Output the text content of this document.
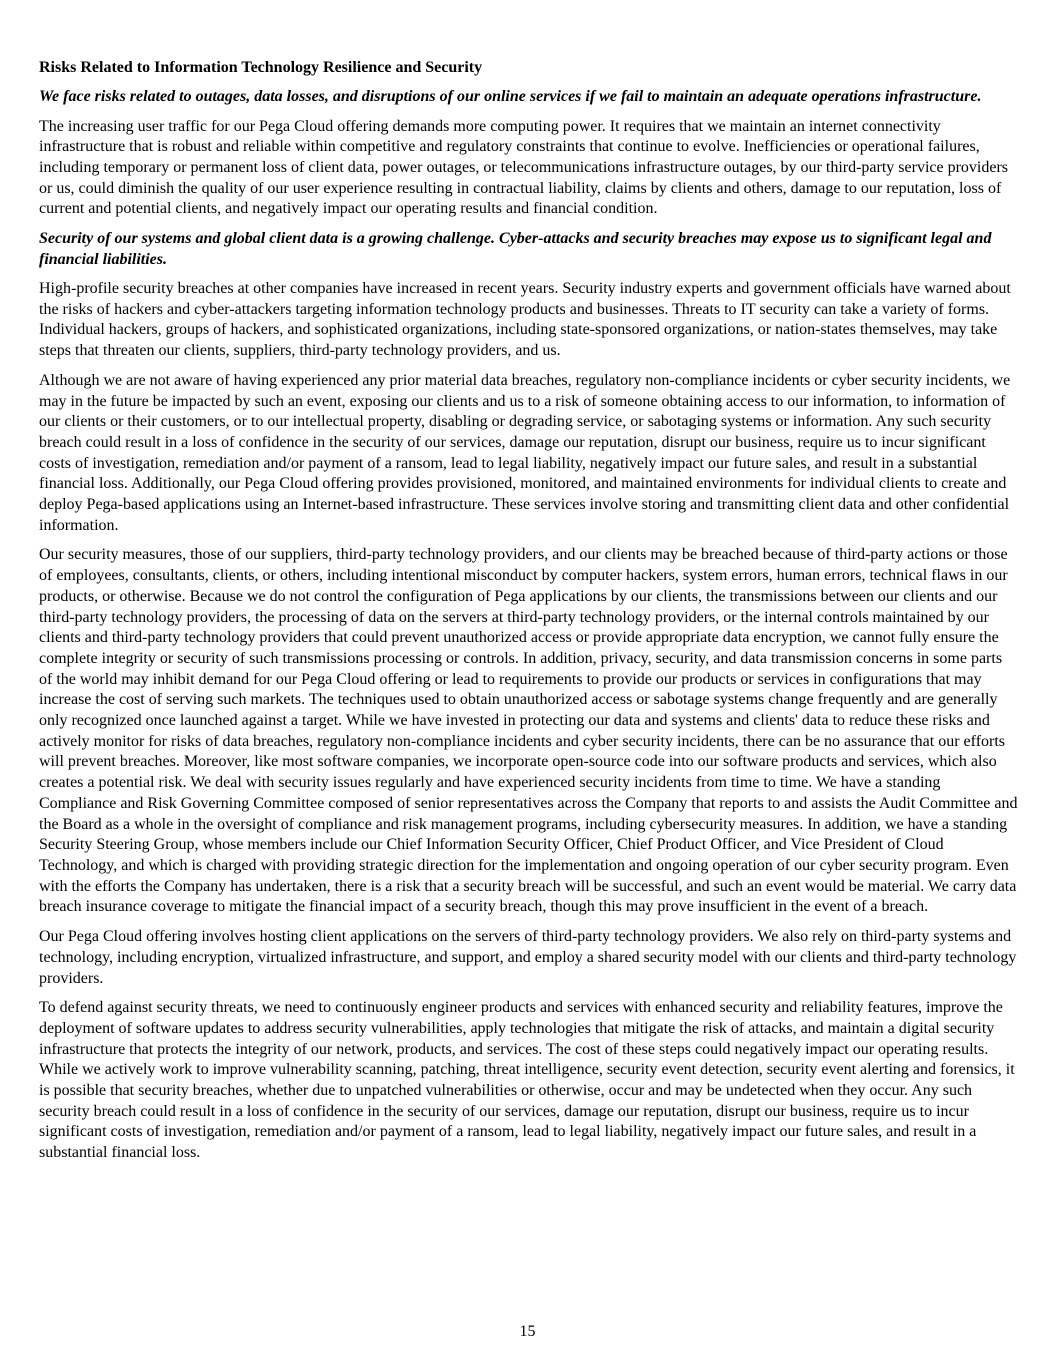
Risks Related to Information Technology Resilience and Security
We face risks related to outages, data losses, and disruptions of our online services if we fail to maintain an adequate operations infrastructure.
The increasing user traffic for our Pega Cloud offering demands more computing power. It requires that we maintain an internet connectivity infrastructure that is robust and reliable within competitive and regulatory constraints that continue to evolve. Inefficiencies or operational failures, including temporary or permanent loss of client data, power outages, or telecommunications infrastructure outages, by our third-party service providers or us, could diminish the quality of our user experience resulting in contractual liability, claims by clients and others, damage to our reputation, loss of current and potential clients, and negatively impact our operating results and financial condition.
Security of our systems and global client data is a growing challenge. Cyber-attacks and security breaches may expose us to significant legal and financial liabilities.
High-profile security breaches at other companies have increased in recent years. Security industry experts and government officials have warned about the risks of hackers and cyber-attackers targeting information technology products and businesses. Threats to IT security can take a variety of forms. Individual hackers, groups of hackers, and sophisticated organizations, including state-sponsored organizations, or nation-states themselves, may take steps that threaten our clients, suppliers, third-party technology providers, and us.
Although we are not aware of having experienced any prior material data breaches, regulatory non-compliance incidents or cyber security incidents, we may in the future be impacted by such an event, exposing our clients and us to a risk of someone obtaining access to our information, to information of our clients or their customers, or to our intellectual property, disabling or degrading service, or sabotaging systems or information. Any such security breach could result in a loss of confidence in the security of our services, damage our reputation, disrupt our business, require us to incur significant costs of investigation, remediation and/or payment of a ransom, lead to legal liability, negatively impact our future sales, and result in a substantial financial loss. Additionally, our Pega Cloud offering provides provisioned, monitored, and maintained environments for individual clients to create and deploy Pega-based applications using an Internet-based infrastructure. These services involve storing and transmitting client data and other confidential information.
Our security measures, those of our suppliers, third-party technology providers, and our clients may be breached because of third-party actions or those of employees, consultants, clients, or others, including intentional misconduct by computer hackers, system errors, human errors, technical flaws in our products, or otherwise. Because we do not control the configuration of Pega applications by our clients, the transmissions between our clients and our third-party technology providers, the processing of data on the servers at third-party technology providers, or the internal controls maintained by our clients and third-party technology providers that could prevent unauthorized access or provide appropriate data encryption, we cannot fully ensure the complete integrity or security of such transmissions processing or controls. In addition, privacy, security, and data transmission concerns in some parts of the world may inhibit demand for our Pega Cloud offering or lead to requirements to provide our products or services in configurations that may increase the cost of serving such markets. The techniques used to obtain unauthorized access or sabotage systems change frequently and are generally only recognized once launched against a target. While we have invested in protecting our data and systems and clients' data to reduce these risks and actively monitor for risks of data breaches, regulatory non-compliance incidents and cyber security incidents, there can be no assurance that our efforts will prevent breaches. Moreover, like most software companies, we incorporate open-source code into our software products and services, which also creates a potential risk. We deal with security issues regularly and have experienced security incidents from time to time. We have a standing Compliance and Risk Governing Committee composed of senior representatives across the Company that reports to and assists the Audit Committee and the Board as a whole in the oversight of compliance and risk management programs, including cybersecurity measures. In addition, we have a standing Security Steering Group, whose members include our Chief Information Security Officer, Chief Product Officer, and Vice President of Cloud Technology, and which is charged with providing strategic direction for the implementation and ongoing operation of our cyber security program. Even with the efforts the Company has undertaken, there is a risk that a security breach will be successful, and such an event would be material. We carry data breach insurance coverage to mitigate the financial impact of a security breach, though this may prove insufficient in the event of a breach.
Our Pega Cloud offering involves hosting client applications on the servers of third-party technology providers. We also rely on third-party systems and technology, including encryption, virtualized infrastructure, and support, and employ a shared security model with our clients and third-party technology providers.
To defend against security threats, we need to continuously engineer products and services with enhanced security and reliability features, improve the deployment of software updates to address security vulnerabilities, apply technologies that mitigate the risk of attacks, and maintain a digital security infrastructure that protects the integrity of our network, products, and services. The cost of these steps could negatively impact our operating results. While we actively work to improve vulnerability scanning, patching, threat intelligence, security event detection, security event alerting and forensics, it is possible that security breaches, whether due to unpatched vulnerabilities or otherwise, occur and may be undetected when they occur. Any such security breach could result in a loss of confidence in the security of our services, damage our reputation, disrupt our business, require us to incur significant costs of investigation, remediation and/or payment of a ransom, lead to legal liability, negatively impact our future sales, and result in a substantial financial loss.
15
